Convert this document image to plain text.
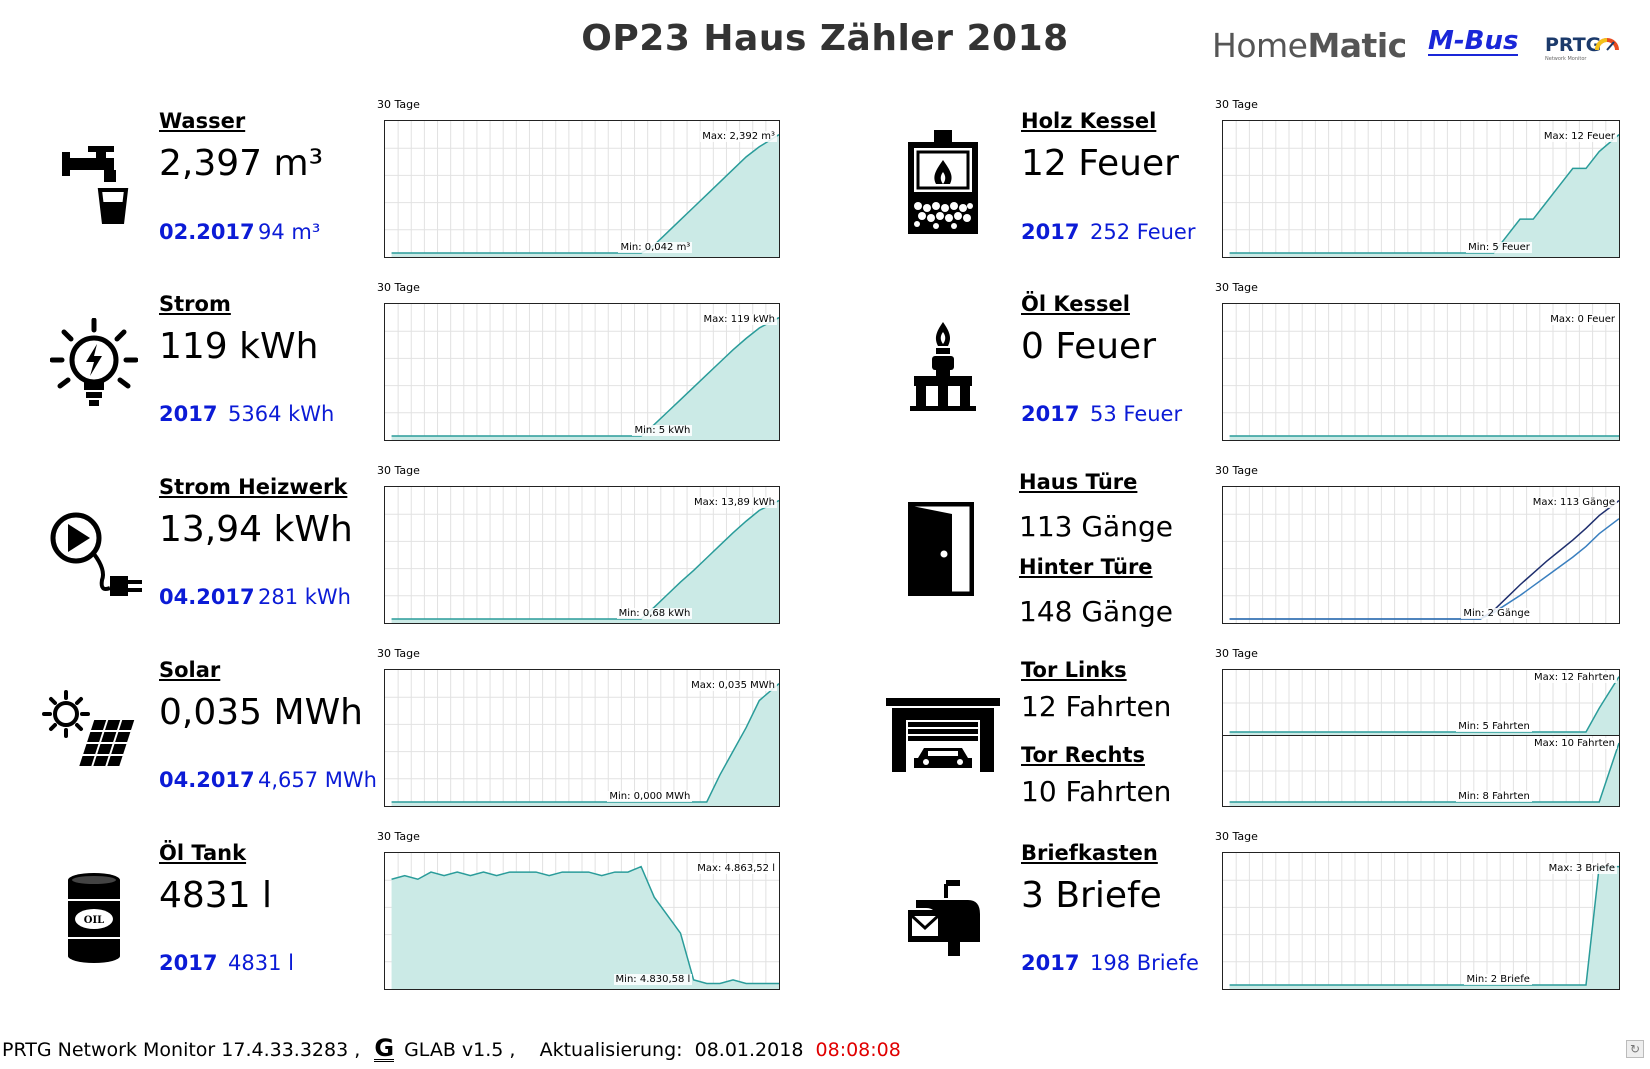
OP23 Haus Zähler 2018	HomeMatic M-Bus PRTG
Network Monitor
Wasser
2,397 m³
02.2017 94 m³
30 Tage
Max: 2,392 m³
Min: 0,042 m³
Strom
119 kWh
2017 5364 kWh
30 Tage
Max: 119 kWh
Min: 5 kWh
Strom Heizwerk
13,94 kWh
04.2017 281 kWh
30 Tage
Max: 13,89 kWh
Min: 0,68 kWh
Solar
0,035 MWh
04.2017 4,657 MWh
30 Tage
Max: 0,035 MWh
Min: 0,000 MWh
OIL
Öl Tank
4831 l
2017 4831 l
30 Tage
Max: 4.863,52 l
Min: 4.830,58 l
Holz Kessel
12 Feuer
2017 252 Feuer
30 Tage
Max: 12 Feuer
Min: 5 Feuer
Öl Kessel
0 Feuer
2017 53 Feuer
30 Tage
Max: 0 Feuer
Haus Türe
113 Gänge
Hinter Türe
148 Gänge
30 Tage
Max: 113 Gänge
Min: 2 Gänge
Tor Links
12 Fahrten
Tor Rechts
10 Fahrten
30 Tage
Max: 12 Fahrten
Min: 5 Fahrten
Max: 10 Fahrten
Min: 8 Fahrten
Briefkasten
3 Briefe
2017 198 Briefe
30 Tage
Max: 3 Briefe
Min: 2 Briefe
PRTG Network Monitor 17.4.33.3283 , G GLAB v1.5 , Aktualisierung: 08.01.2018 08:08:08	↻
